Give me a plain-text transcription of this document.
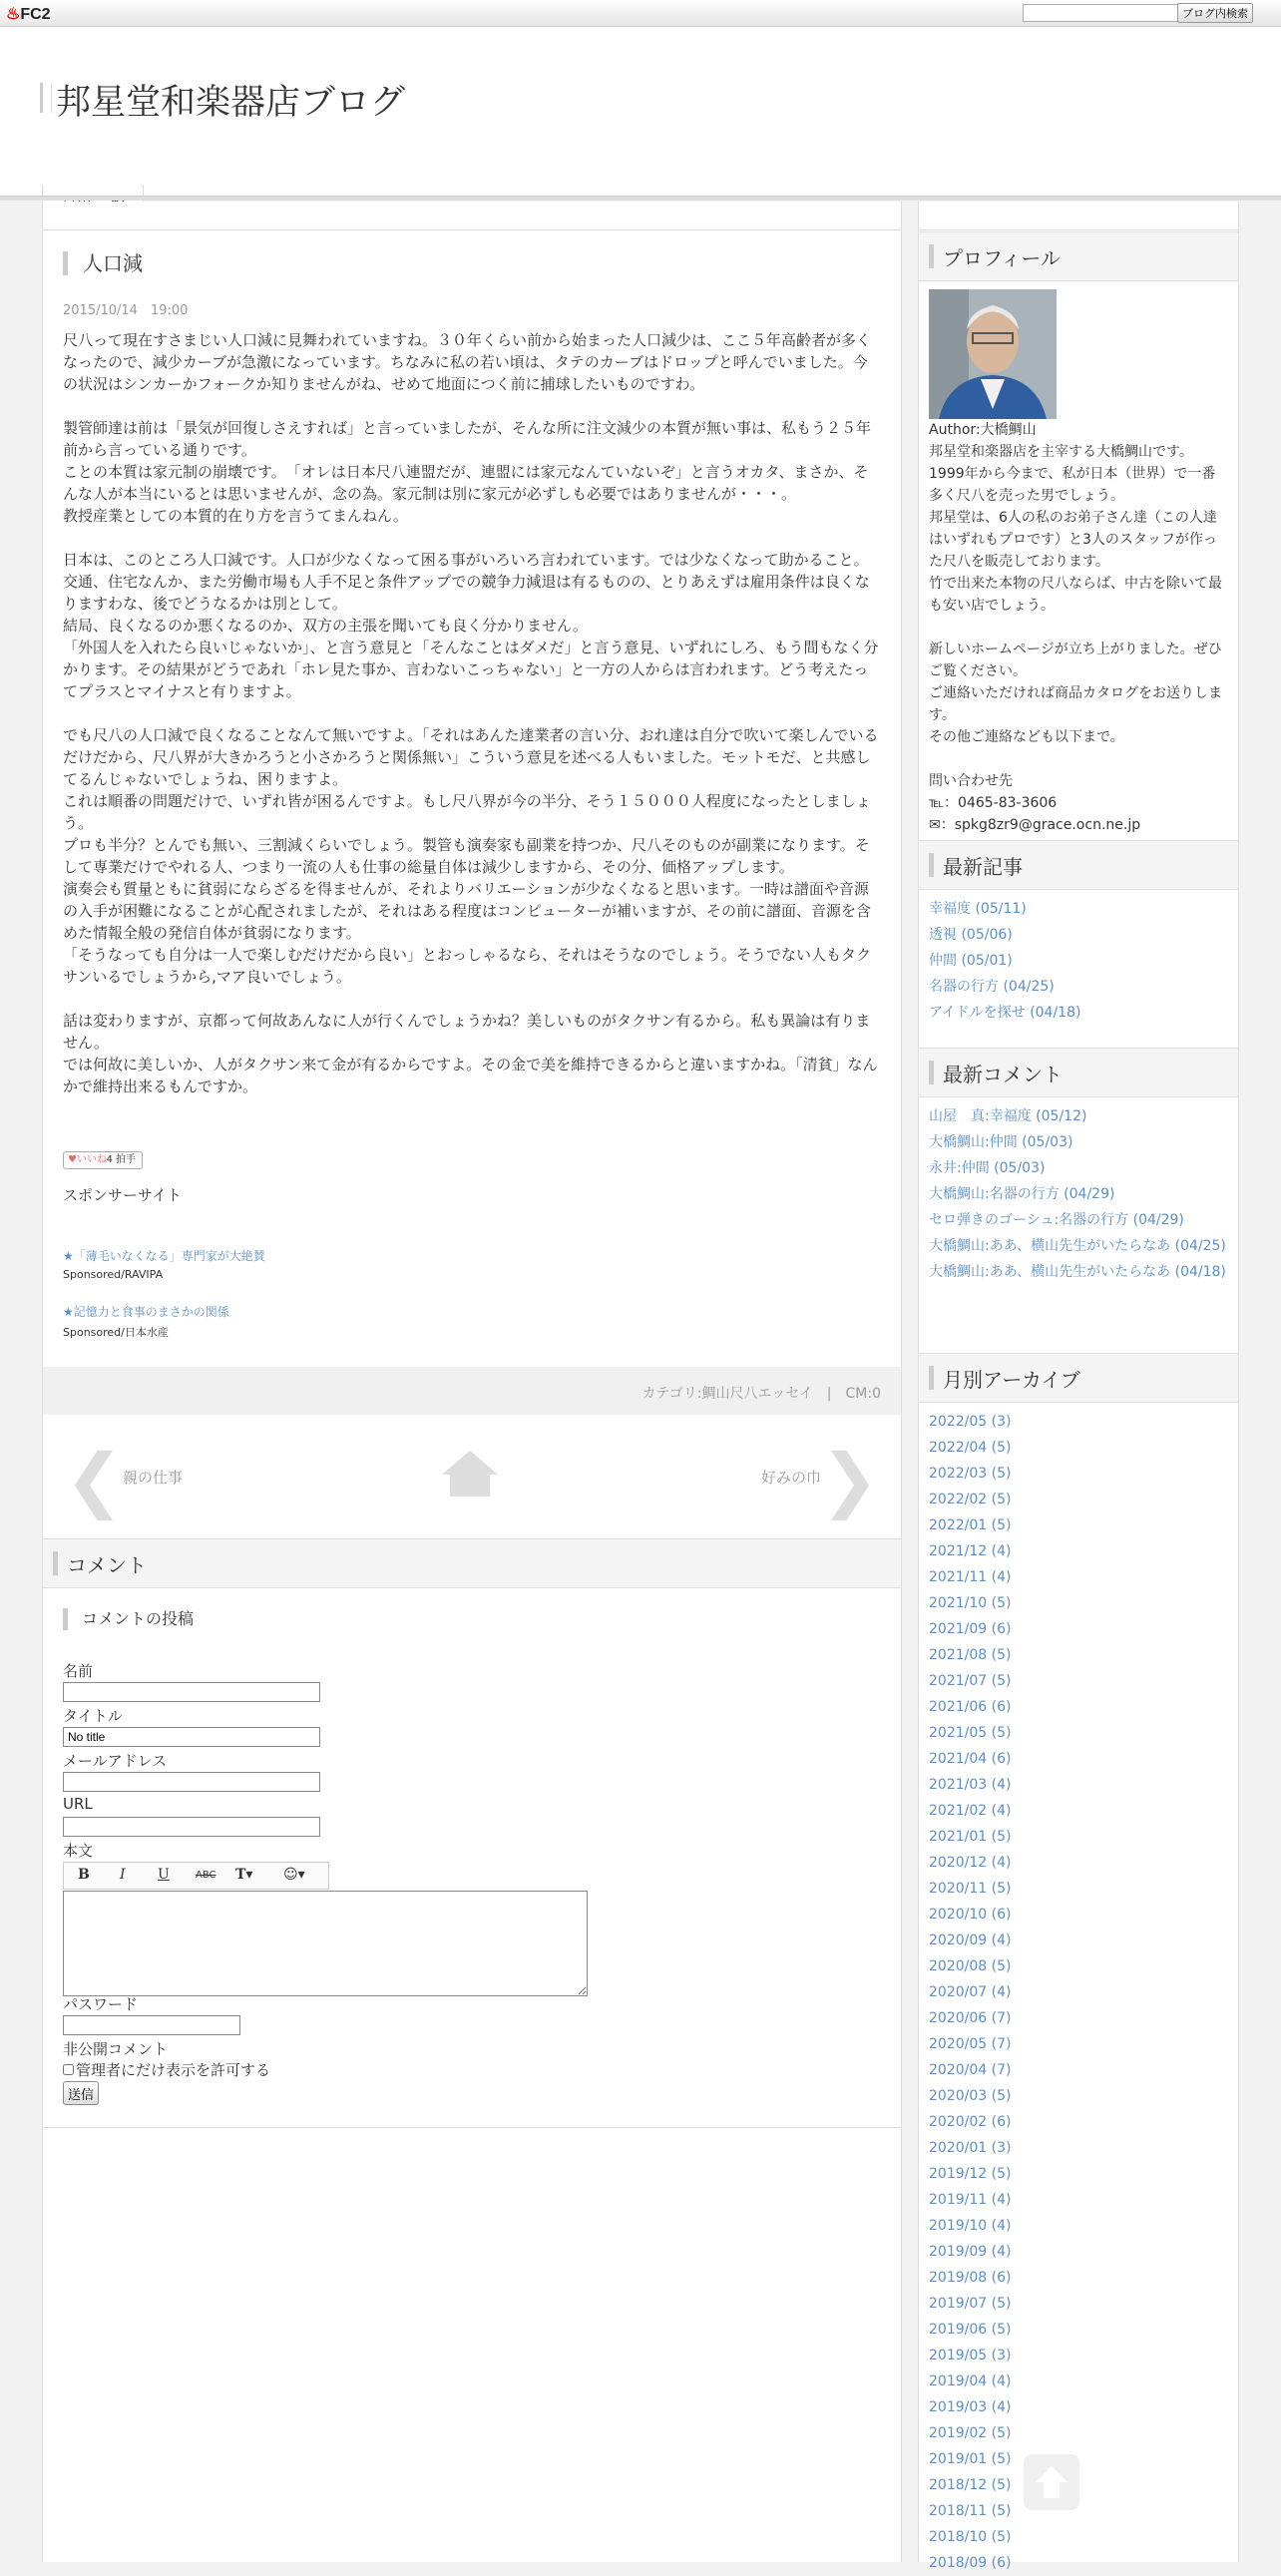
♨FC2	ブログ内検索
邦星堂和楽器店ブログ
人口減
2015/10/14　19:00

尺八って現在すさまじい人口減に見舞われていますね。３０年くらい前から始まった人口減少は、ここ５年高齢者が多くなったので、減少カーブが急激になっています。ちなみに私の若い頃は、タテのカーブはドロップと呼んでいました。今の状況はシンカーかフォークか知りませんがね、せめて地面につく前に捕球したいものですわ。

製管師達は前は「景気が回復しさえすれば」と言っていましたが、そんな所に注文減少の本質が無い事は、私もう２５年前から言っている通りです。
ことの本質は家元制の崩壊です。　「オレは日本尺八連盟だが、連盟には家元なんていないぞ」と言うオカタ、まさか、そんな人が本当にいるとは思いませんが、念の為。家元制は別に家元が必ずしも必要ではありませんが・・・。
教授産業としての本質的在り方を言うてまんねん。

日本は、このところ人口減です。人口が少なくなって困る事がいろいろ言われています。では少なくなって助かること。交通、住宅なんか、また労働市場も人手不足と条件アップでの競争力減退は有るものの、とりあえずは雇用条件は良くなりますわな、後でどうなるかは別として。
結局、良くなるのか悪くなるのか、双方の主張を聞いても良く分かりません。
「外国人を入れたら良いじゃないか」、と言う意見と「そんなことはダメだ」と言う意見、いずれにしろ、もう間もなく分かります。その結果がどうであれ「ホレ見た事か、言わないこっちゃない」と一方の人からは言われます。どう考えたってプラスとマイナスと有りますよ。

でも尺八の人口減で良くなることなんて無いですよ。「それはあんた達業者の言い分、おれ達は自分で吹いて楽しんでいるだけだから、尺八界が大きかろうと小さかろうと関係無い」こういう意見を述べる人もいました。モットモだ、と共感してるんじゃないでしょうね、困りますよ。
これは順番の問題だけで、いずれ皆が困るんですよ。もし尺八界が今の半分、そう１５０００人程度になったとしましょう。
プロも半分？とんでも無い、三割減くらいでしょう。製管も演奏家も副業を持つか、尺八そのものが副業になります。そして専業だけでやれる人、つまり一流の人も仕事の総量自体は減少しますから、その分、価格アップします。
演奏会も質量ともに貧弱にならざるを得ませんが、それよりバリエーションが少なくなると思います。一時は譜面や音源の入手が困難になることが心配されましたが、それはある程度はコンピューターが補いますが、その前に譜面、音源を含めた情報全般の発信自体が貧弱になります。
「そうなっても自分は一人で楽しむだけだから良い」とおっしゃるなら、それはそうなのでしょう。そうでない人もタクサンいるでしょうから,マア良いでしょう。

話は変わりますが、京都って何故あんなに人が行くんでしょうかね？美しいものがタクサン有るから。私も異論は有りません。
では何故に美しいか、人がタクサン来て金が有るからですよ。その金で美を維持できるからと違いますかね。「清貧」なんかで維持出来るもんですか。

♥いいね 4 拍手
スポンサーサイト
★「薄毛いなくなる」専門家が大絶賛
Sponsored/RAVIPA
★記憶力と食事のまさかの関係
Sponsored/日本水産
カテゴリ:鯛山尺八エッセイ　|　CM:0
❮ 親の仕事	好みの巾 ❯
コメント
コメントの投稿
名前
タイトル
No title
メールアドレス
URL
本文
B I U	ABC T▾ ☺▾
パスワード
非公開コメント
管理者にだけ表示を許可する
送信
プロフィール
Author:大橋鯛山
邦星堂和楽器店を主宰する大橋鯛山です。1999年から今まで、私が日本（世界）で一番多く尺八を売った男でしょう。
邦星堂は、6人の私のお弟子さん達（この人達はいずれもプロです）と3人のスタッフが作った尺八を販売しております。
竹で出来た本物の尺八ならば、中古を除いて最も安い店でしょう。
新しいホームページが立ち上がりました。ぜひご覧ください。
ご連絡いただければ商品カタログをお送りします。
その他ご連絡なども以下まで。
問い合わせ先
℡：0465-83-3606
✉：spkg8zr9@grace.ocn.ne.jp
最新記事
幸福度 (05/11)
透視 (05/06)
仲間 (05/01)
名器の行方 (04/25)
アイドルを探せ (04/18)
最新コメント
山屋　真:幸福度 (05/12)
大橋鯛山:仲間 (05/03)
永井:仲間 (05/03)
大橋鯛山:名器の行方 (04/29)
セロ弾きのゴーシュ:名器の行方 (04/29)
大橋鯛山:ああ、横山先生がいたらなあ (04/25)
大橋鯛山:ああ、横山先生がいたらなあ (04/18)
月別アーカイブ
2022/05 (3)
2022/04 (5)
2022/03 (5)
2022/02 (5)
2022/01 (5)
2021/12 (4)
2021/11 (4)
2021/10 (5)
2021/09 (6)
2021/08 (5)
2021/07 (5)
2021/06 (6)
2021/05 (5)
2021/04 (6)
2021/03 (4)
2021/02 (4)
2021/01 (5)
2020/12 (4)
2020/11 (5)
2020/10 (6)
2020/09 (4)
2020/08 (5)
2020/07 (4)
2020/06 (7)
2020/05 (7)
2020/04 (7)
2020/03 (5)
2020/02 (6)
2020/01 (3)
2019/12 (5)
2019/11 (4)
2019/10 (4)
2019/09 (4)
2019/08 (6)
2019/07 (5)
2019/06 (5)
2019/05 (3)
2019/04 (4)
2019/03 (4)
2019/02 (5)
2019/01 (5)
2018/12 (5)
2018/11 (5)
2018/10 (5)
2018/09 (6)
